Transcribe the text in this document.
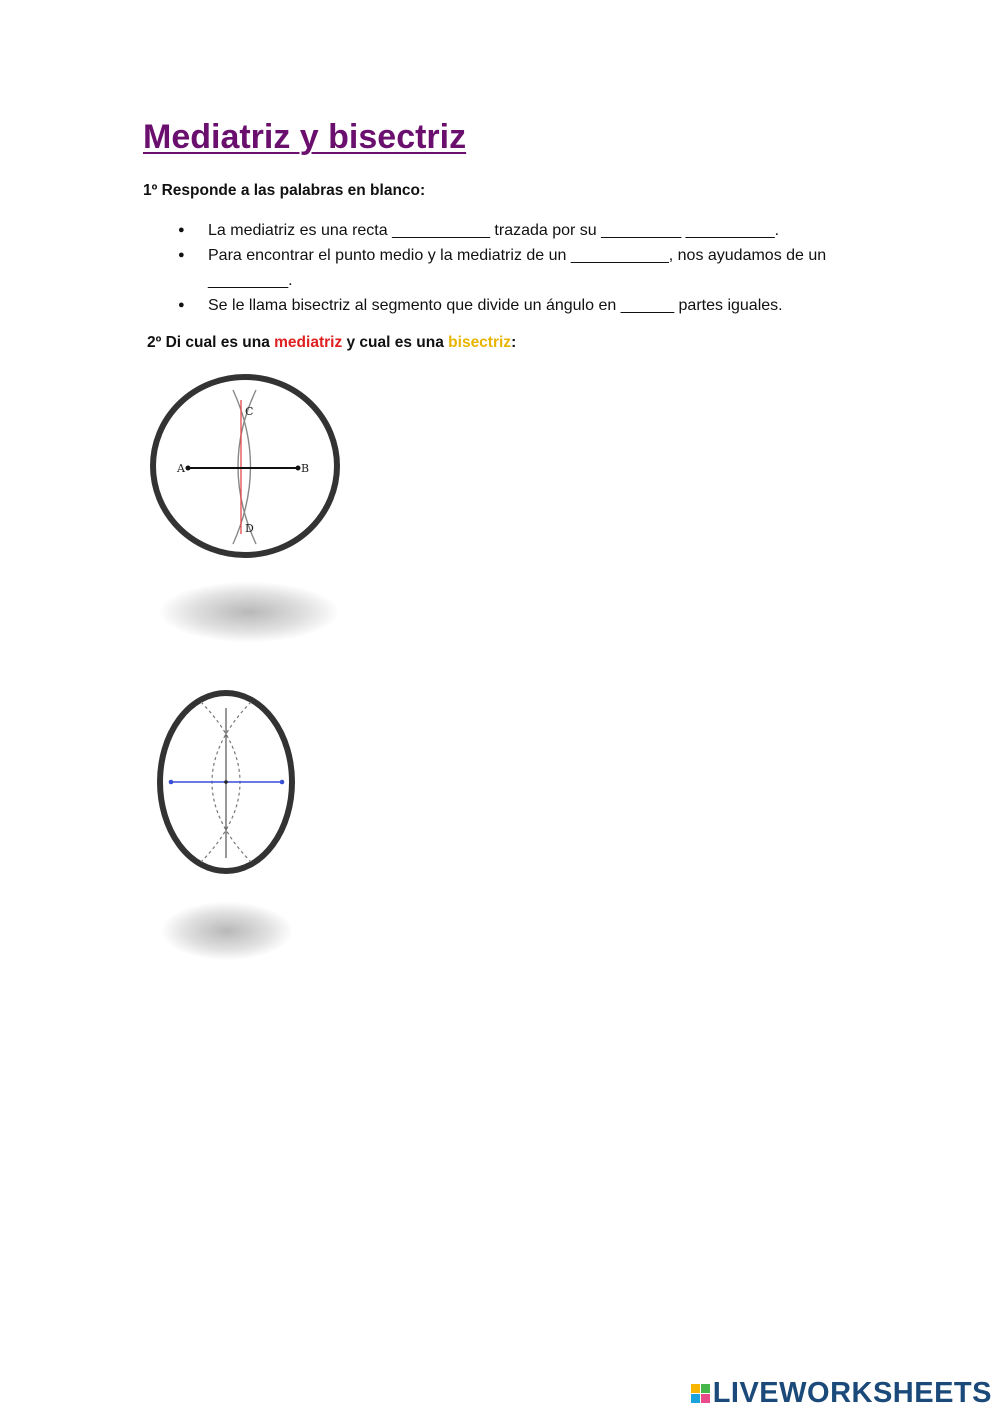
Mediatriz y bisectriz
1º Responde a las palabras en blanco:
● La mediatriz es una recta ___________ trazada por su _________ __________.
● Para encontrar el punto medio y la mediatriz de un ___________, nos ayudamos de un _________.
● Se le llama bisectriz al segmento que divide un ángulo en ______ partes iguales.
2º Di cual es una mediatriz y cual es una bisectriz:
A	B
C
D
LIVEWORKSHEETS
